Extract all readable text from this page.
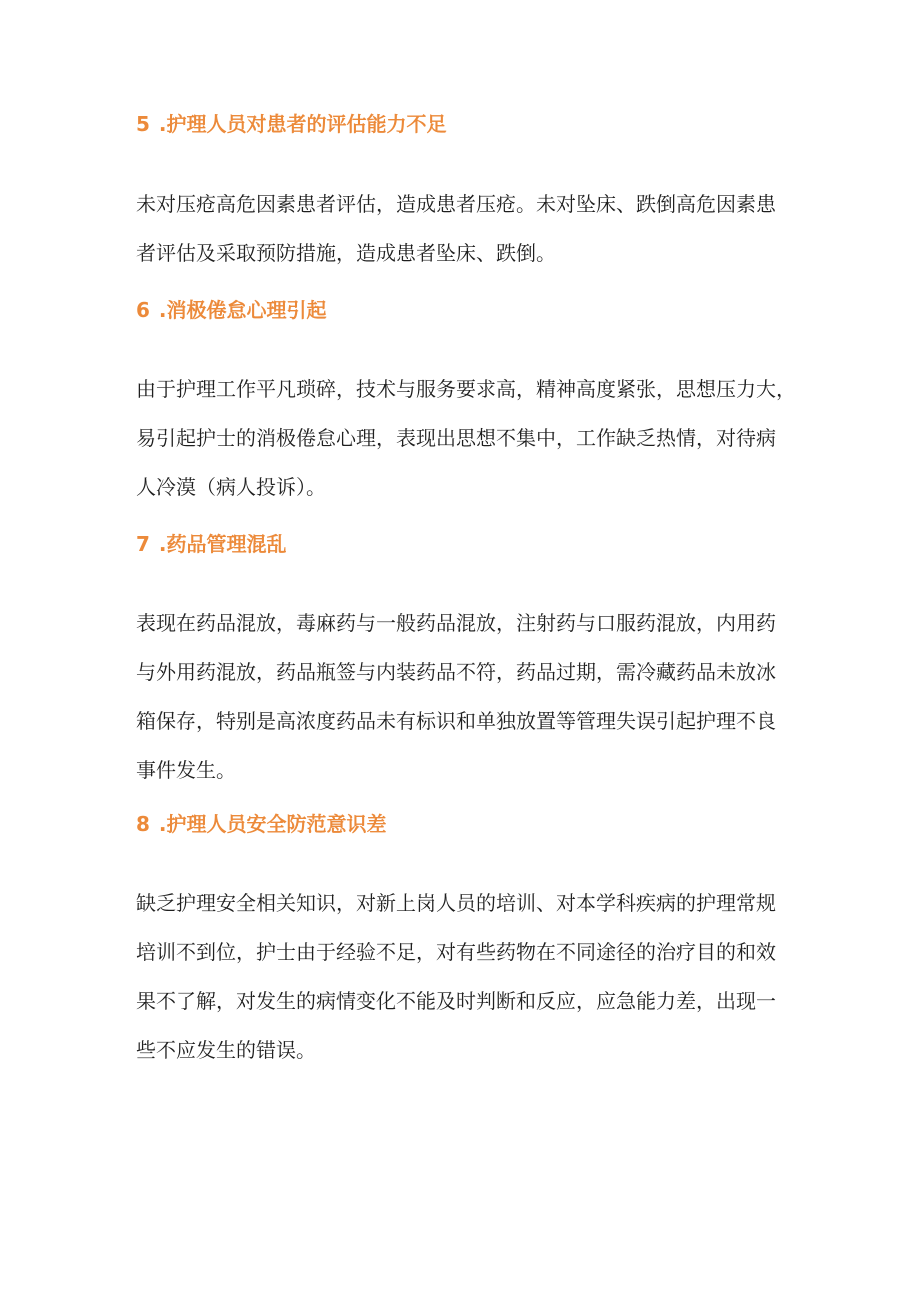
5 .护理人员对患者的评估能力不足

未对压疮高危因素患者评估，造成患者压疮。未对坠床、跌倒高危因素患
者评估及采取预防措施，造成患者坠床、跌倒。

6 .消极倦怠心理引起

由于护理工作平凡琐碎，技术与服务要求高，精神高度紧张，思想压力大，
易引起护士的消极倦怠心理，表现出思想不集中，工作缺乏热情，对待病
人冷漠（病人投诉）。

7 .药品管理混乱

表现在药品混放，毒麻药与一般药品混放，注射药与口服药混放，内用药
与外用药混放，药品瓶签与内装药品不符，药品过期，需冷藏药品未放冰
箱保存，特别是高浓度药品未有标识和单独放置等管理失误引起护理不良
事件发生。

8 .护理人员安全防范意识差

缺乏护理安全相关知识，对新上岗人员的培训、对本学科疾病的护理常规
培训不到位，护士由于经验不足，对有些药物在不同途径的治疗目的和效
果不了解，对发生的病情变化不能及时判断和反应，应急能力差，出现一
些不应发生的错误。
